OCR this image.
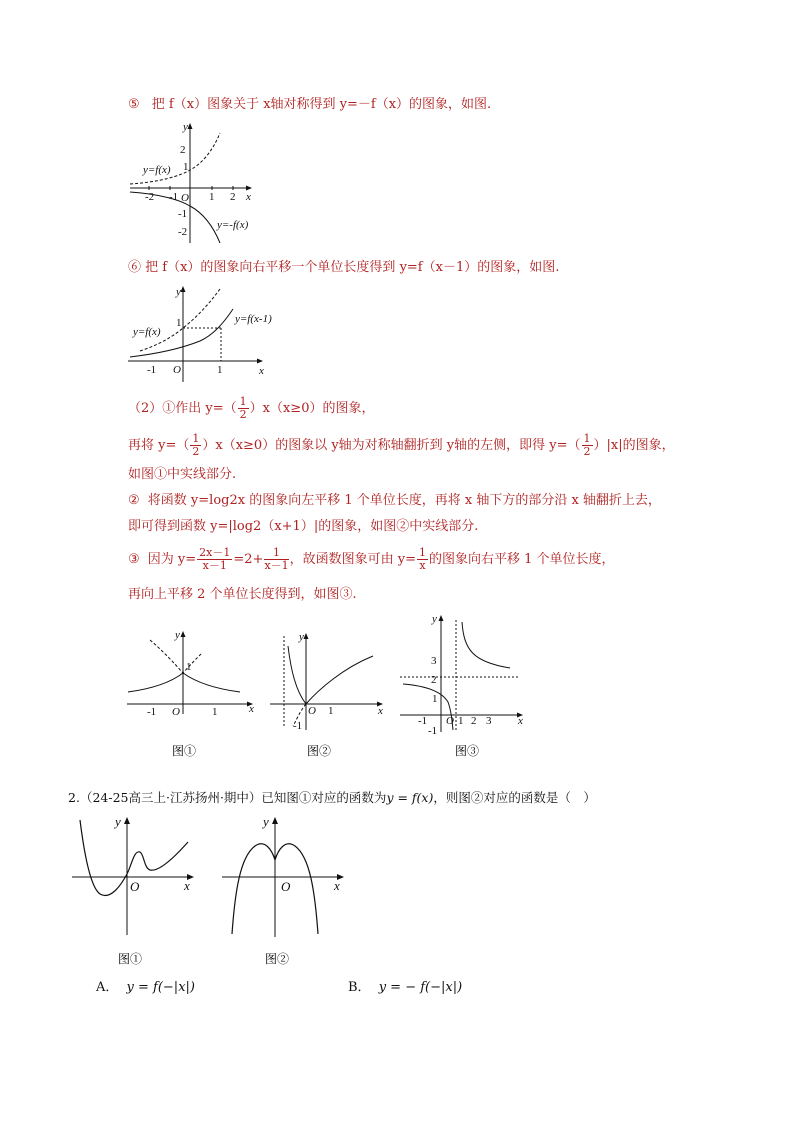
⑤ 把 f（x）图象关于 x轴对称得到 y=－f（x）的图象，如图.
y
x
O
2
1
-1
-2
-2 -1	1 2
y=f(x)
y=-f(x)
⑥ 把 f（x）的图象向右平移一个单位长度得到 y=f（x－1）的图象，如图.
y
x
O
1
-1	1
y=f(x)
y=f(x-1)
（2）①作出 $y=( \frac{1}{2} )x(x\ge 0)$的图象，
再将 $y=( \frac{1}{2} )x(x\ge 0)$的图象以 y轴为对称轴翻折到 y轴的左侧，即得 $y=( \frac{1}{2} )|x|$的图象，
如图①中实线部分.
② 将函数 y=log2x 的图象向左平移 1 个单位长度，再将 x 轴下方的部分沿 x 轴翻折上去，
即可得到函数 y=|log2（x+1）|的图象，如图②中实线部分.
③ 因为 $y= \frac{2x-1}{x-1} =2+ \frac{1}{x-1}$ ，故函数图象可由 $y= \frac{1}{x}$ 的图象向右平移 1 个单位长度，
再向上平移 2 个单位长度得到，如图③.
y
x
O
1
-1	1
图①
y
x
O
-1
1
图②
y
x
O
3
2
1
-1
-1	1 2 3
图③
2.（24-25高三上·江苏扬州·期中）已知图①对应的函数为y = f(x)，则图②对应的函数是（　）
y
x
O
图①
y
x
O
图②
A． y = f(−|x|)	B． y = − f(−|x|)
